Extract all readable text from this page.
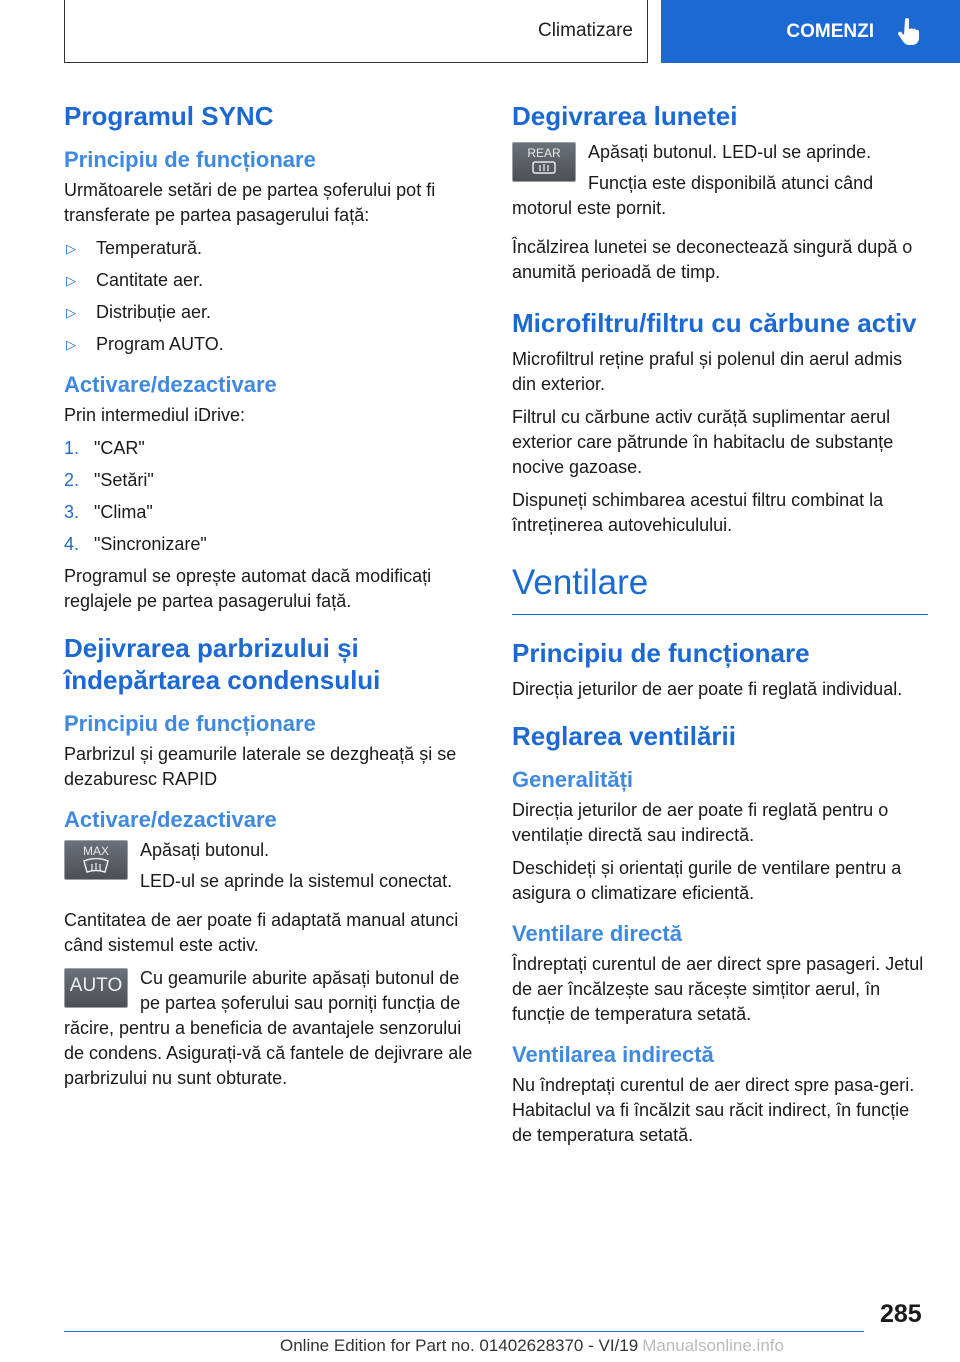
Climatizare	COMENZI
Programul SYNC
Principiu de funcționare

Următoarele setări de pe partea șoferului pot fi transferate pe partea pasagerului față:

▷	Temperatură.
▷	Cantitate aer.
▷	Distribuție aer.
▷	Program AUTO.
Activare/dezactivare

Prin intermediul iDrive:

1. "CAR"
2. "Setări"
3. "Clima"
4. "Sincronizare"

Programul se oprește automat dacă modificați reglajele pe partea pasagerului față.

Dejivrarea parbrizului și îndepărtarea condensului
Principiu de funcționare

Parbrizul și geamurile laterale se dezgheață și se dezaburesc RAPID

Activare/dezactivare
MAX	Apăsați butonul.

LED-ul se aprinde la sistemul conectat.

Cantitatea de aer poate fi adaptată manual atunci când sistemul este activ.

AUTO Cu geamurile aburite apăsați butonul de pe partea șoferului sau porniți funcția de răcire, pentru a beneficia de avantajele senzorului de condens. Asigurați-vă că fantele de dejivrare ale parbrizului nu sunt obturate.

Degivrarea lunetei
REAR	Apăsați butonul. LED-ul se aprinde.

Funcția este disponibilă atunci când motorul este pornit.

Încălzirea lunetei se deconectează singură după o anumită perioadă de timp.

Microfiltru/filtru cu cărbune activ

Microfiltrul reține praful și polenul din aerul admis din exterior.

Filtrul cu cărbune activ curăță suplimentar aerul exterior care pătrunde în habitaclu de substanțe nocive gazoase.

Dispuneți schimbarea acestui filtru combinat la întreținerea autovehiculului.

Ventilare
Principiu de funcționare

Direcția jeturilor de aer poate fi reglată individual.

Reglarea ventilării
Generalități

Direcția jeturilor de aer poate fi reglată pentru o ventilație directă sau indirectă.

Deschideți și orientați gurile de ventilare pentru a asigura o climatizare eficientă.

Ventilare directă

Îndreptați curentul de aer direct spre pasageri. Jetul de aer încălzește sau răcește simțitor aerul, în funcție de temperatura setată.

Ventilarea indirectă

Nu îndreptați curentul de aer direct spre pasa-geri. Habitaclul va fi încălzit sau răcit indirect, în funcție de temperatura setată.

285
Online Edition for Part no. 01402628370 - VI/19 Manualsonline.info
